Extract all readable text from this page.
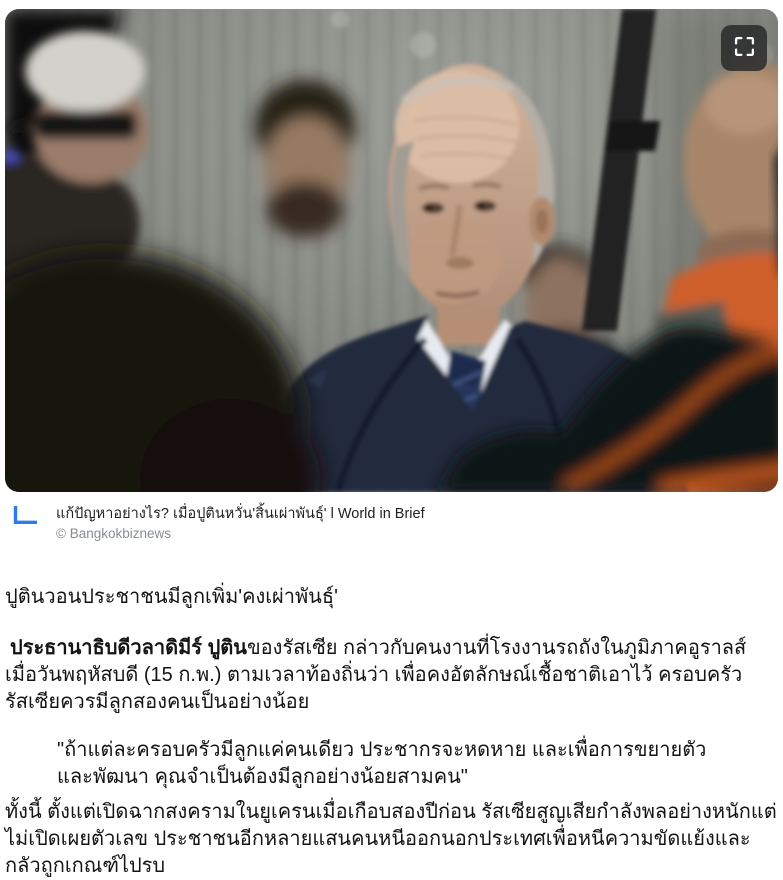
แก้ปัญหาอย่างไร? เมื่อปูตินหวั่น'สิ้นเผ่าพันธุ์' l World in Brief
© Bangkokbiznews

ปูตินวอนประชาชนมีลูกเพิ่ม'คงเผ่าพันธุ์'

ประธานาธิบดีวลาดิมีร์ ปูตินของรัสเซีย กล่าวกับคนงานที่โรงงานรถถังในภูมิภาคอูราลส์ เมื่อวันพฤหัสบดี (15 ก.พ.) ตามเวลาท้องถิ่นว่า เพื่อคงอัตลักษณ์เชื้อชาติเอาไว้ ครอบครัวรัสเซียควรมีลูกสองคนเป็นอย่างน้อย

"ถ้าแต่ละครอบครัวมีลูกแค่คนเดียว ประชากรจะหดหาย และเพื่อการขยายตัวและพัฒนา คุณจำเป็นต้องมีลูกอย่างน้อยสามคน"

ทั้งนี้ ตั้งแต่เปิดฉากสงครามในยูเครนเมื่อเกือบสองปีก่อน รัสเซียสูญเสียกำลังพลอย่างหนักแต่ไม่เปิดเผยตัวเลข ประชาชนอีกหลายแสนคนหนีออกนอกประเทศเพื่อหนีความขัดแย้งและกลัวถูกเกณฑ์ไปรบ
